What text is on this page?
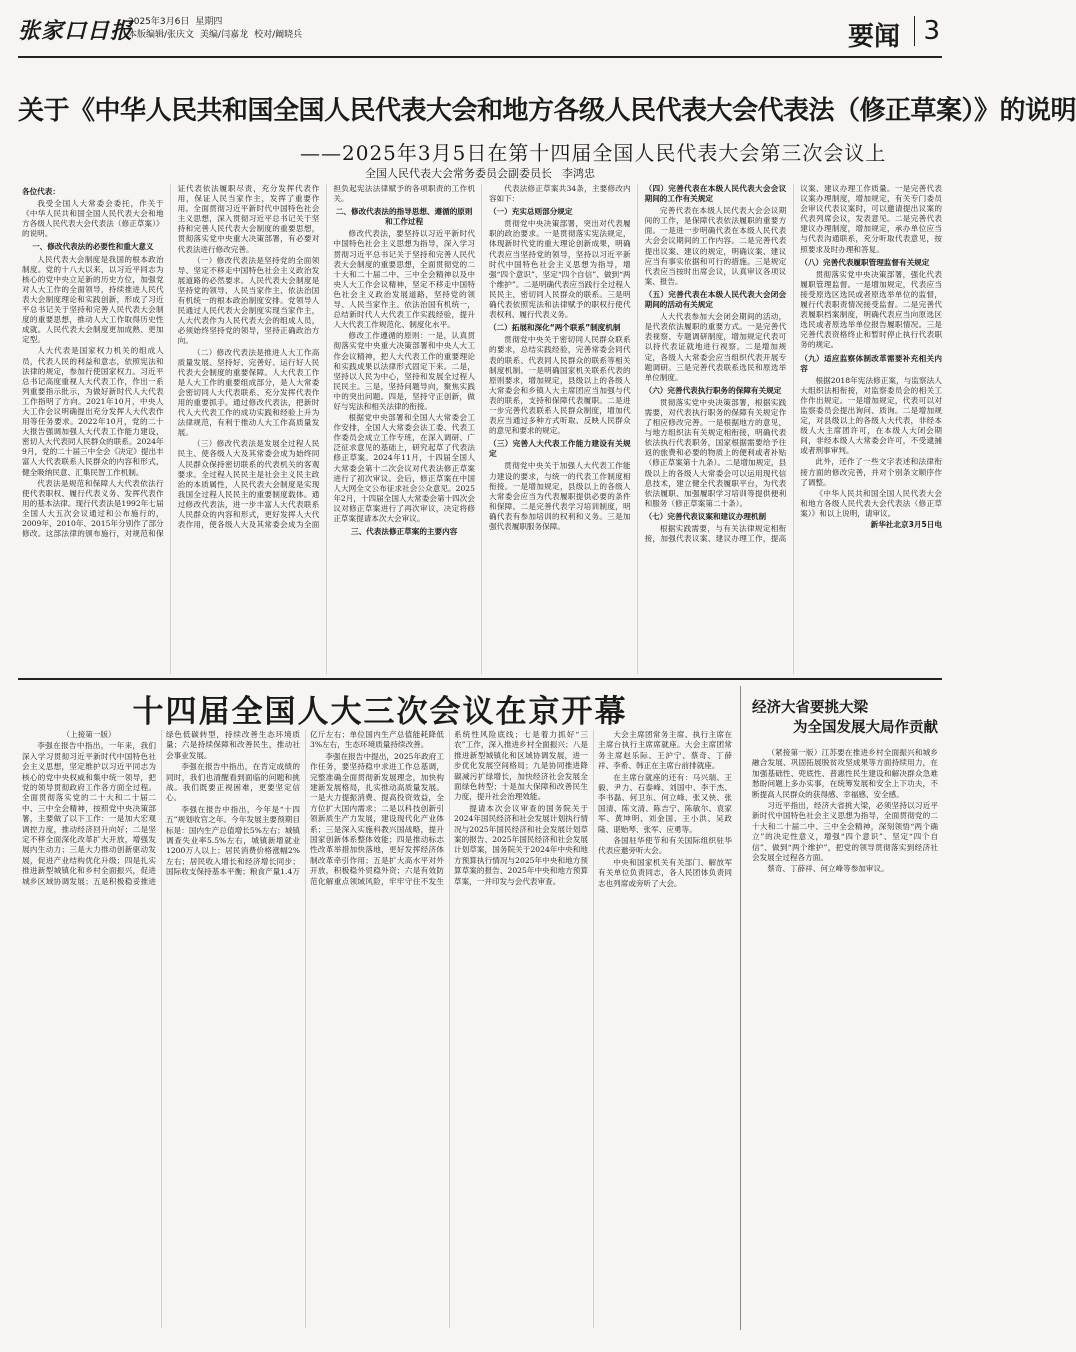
张家口日报
2025年3月6日 星期四
本版编辑/张庆文 美编/闫嘉龙 校对/阚晓兵	要闻 3
关于《中华人民共和国全国人民代表大会和地方各级人民代表大会代表法（修正草案）》的说明
——2025年3月5日在第十四届全国人民代表大会第三次会议上
全国人民代表大会常务委员会副委员长 李鸿忠

各位代表：

我受全国人大常委会委托，作关于《中华人民共和国全国人民代表大会和地方各级人民代表大会代表法（修正草案）》的说明。

一、修改代表法的必要性和重大意义

人民代表大会制度是我国的根本政治制度。党的十八大以来，以习近平同志为核心的党中央立足新的历史方位，加强党对人大工作的全面领导，持续推进人民代表大会制度理论和实践创新，形成了习近平总书记关于坚持和完善人民代表大会制度的重要思想，推动人大工作取得历史性成就。人民代表大会制度更加成熟、更加定型。

人大代表是国家权力机关的组成人员，代表人民的利益和意志，依照宪法和法律的规定，参加行使国家权力。习近平总书记高度重视人大代表工作，作出一系列重要指示批示，为做好新时代人大代表工作指明了方向。2021年10月，中央人大工作会议明确提出充分发挥人大代表作用等任务要求。2022年10月，党的二十大报告强调加强人大代表工作能力建设，密切人大代表同人民群众的联系。2024年9月，党的二十届三中全会《决定》提出丰富人大代表联系人民群众的内容和形式，健全吸纳民意、汇集民智工作机制。

代表法是规范和保障人大代表依法行使代表职权、履行代表义务、发挥代表作用的基本法律。现行代表法是1992年七届全国人大五次会议通过和公布施行的，2009年、2010年、2015年分别作了部分修改。这部法律的颁布施行，对规范和保证代表依法履职尽责，充分发挥代表作用，保证人民当家作主，发挥了重要作用。全面贯彻习近平新时代中国特色社会主义思想，深入贯彻习近平总书记关于坚持和完善人民代表大会制度的重要思想，贯彻落实党中央重大决策部署，有必要对代表法进行修改完善。

（一）修改代表法是坚持党的全面领导、坚定不移走中国特色社会主义政治发展道路的必然要求。人民代表大会制度是坚持党的领导、人民当家作主、依法治国有机统一的根本政治制度安排。党领导人民通过人民代表大会制度实现当家作主，人大代表作为人民代表大会的组成人员，必须始终坚持党的领导，坚持正确政治方向。

（二）修改代表法是推进人大工作高质量发展、坚持好、完善好、运行好人民代表大会制度的重要保障。人大代表工作是人大工作的重要组成部分，是人大常委会密切同人大代表联系、充分发挥代表作用的重要抓手。通过修改代表法，把新时代人大代表工作的成功实践和经验上升为法律规范，有利于推动人大工作高质量发展。

（三）修改代表法是发展全过程人民民主、使各级人大及其常委会成为始终同人民群众保持密切联系的代表机关的客观要求。全过程人民民主是社会主义民主政治的本质属性，人民代表大会制度是实现我国全过程人民民主的重要制度载体。通过修改代表法，进一步丰富人大代表联系人民群众的内容和形式，更好发挥人大代表作用，使各级人大及其常委会成为全面担负起宪法法律赋予的各项职责的工作机关。

二、修改代表法的指导思想、遵循的原则和工作过程

修改代表法，要坚持以习近平新时代中国特色社会主义思想为指导，深入学习贯彻习近平总书记关于坚持和完善人民代表大会制度的重要思想，全面贯彻党的二十大和二十届二中、三中全会精神以及中央人大工作会议精神，坚定不移走中国特色社会主义政治发展道路，坚持党的领导、人民当家作主、依法治国有机统一，总结新时代人大代表工作实践经验，提升人大代表工作规范化、制度化水平。

修改工作遵循的原则：一是，认真贯彻落实党中央重大决策部署和中央人大工作会议精神，把人大代表工作的重要理论和实践成果以法律形式固定下来。二是，坚持以人民为中心，坚持和发展全过程人民民主。三是，坚持问题导向，聚焦实践中的突出问题。四是，坚持守正创新，做好与宪法和相关法律的衔接。

根据党中央部署和全国人大常委会工作安排，全国人大常委会法工委、代表工作委员会成立工作专班，在深入调研、广泛征求意见的基础上，研究起草了代表法修正草案。2024年11月，十四届全国人大常委会第十二次会议对代表法修正草案进行了初次审议。会后，修正草案在中国人大网全文公布征求社会公众意见。2025年2月，十四届全国人大常委会第十四次会议对修正草案进行了再次审议，决定将修正草案提请本次大会审议。

三、代表法修正草案的主要内容

代表法修正草案共34条，主要修改内容如下：

（一）充实总则部分规定

贯彻党中央决策部署，突出对代表履职的政治要求。一是贯彻落实宪法规定，体现新时代党的重大理论创新成果，明确代表应当坚持党的领导，坚持以习近平新时代中国特色社会主义思想为指导，增强“四个意识”、坚定“四个自信”、做到“两个维护”。二是明确代表应当践行全过程人民民主，密切同人民群众的联系。三是明确代表依照宪法和法律赋予的职权行使代表权利、履行代表义务。

（二）拓展和深化“两个联系”制度机制

贯彻党中央关于密切同人民群众联系的要求，总结实践经验，完善常委会同代表的联系、代表同人民群众的联系等相关制度机制。一是明确国家机关联系代表的原则要求，增加规定，县级以上的各级人大常委会和乡镇人大主席团应当加强与代表的联系，支持和保障代表履职。二是进一步完善代表联系人民群众制度，增加代表应当通过多种方式听取、反映人民群众的意见和要求的规定。

（三）完善人大代表工作能力建设有关规定

贯彻党中央关于加强人大代表工作能力建设的要求，与统一的代表工作制度相衔接。一是增加规定，县级以上的各级人大常委会应当为代表履职提供必要的条件和保障。二是完善代表学习培训制度，明确代表有参加培训的权利和义务。三是加强代表履职服务保障。

（四）完善代表在本级人民代表大会会议期间的工作有关规定

完善代表在本级人民代表大会会议期间的工作，是保障代表依法履职的重要方面。一是进一步明确代表在本级人民代表大会会议期间的工作内容。二是完善代表提出议案、建议的规定，明确议案、建议应当有事实依据和可行的措施。三是规定代表应当按时出席会议，认真审议各项议案、报告。

（五）完善代表在本级人民代表大会闭会期间的活动有关规定

人大代表参加大会闭会期间的活动，是代表依法履职的重要方式。一是完善代表视察、专题调研制度，增加规定代表可以持代表证就地进行视察。二是增加规定，各级人大常委会应当组织代表开展专题调研。三是完善代表联系选民和原选举单位制度。

（六）完善代表执行职务的保障有关规定

贯彻落实党中央决策部署，根据实践需要，对代表执行职务的保障有关规定作了相应修改完善。一是根据地方的意见，与地方组织法有关规定相衔接，明确代表依法执行代表职务，国家根据需要给予往返的旅费和必要的物质上的便利或者补贴（修正草案第十九条）。二是增加规定，县级以上的各级人大常委会可以运用现代信息技术，建立健全代表履职平台，为代表依法履职、加强履职学习培训等提供便利和服务（修正草案第二十条）。

（七）完善代表议案和建议办理机制

根据实践需要，与有关法律规定相衔接，加强代表议案、建议办理工作，提高议案、建议办理工作质量。一是完善代表议案办理制度，增加规定，有关专门委员会审议代表议案时，可以邀请提出议案的代表列席会议，发表意见。二是完善代表建议办理制度，增加规定，承办单位应当与代表沟通联系，充分听取代表意见，按照要求及时办理和答复。

（八）完善代表履职管理监督有关规定

贯彻落实党中央决策部署，强化代表履职管理监督。一是增加规定，代表应当接受原选区选民或者原选举单位的监督，履行代表职责情况接受监督。二是完善代表履职档案制度，明确代表应当向原选区选民或者原选举单位报告履职情况。三是完善代表资格终止和暂时停止执行代表职务的规定。

（九）适应监察体制改革需要补充相关内容

根据2018年宪法修正案，与监察法人大组织法相衔接，对监察委员会的相关工作作出规定。一是增加规定，代表可以对监察委员会提出询问、质询。二是增加规定，对县级以上的各级人大代表，非经本级人大主席团许可，在本级人大闭会期间，非经本级人大常委会许可，不受逮捕或者刑事审判。

此外，还作了一些文字表述和法律衔接方面的修改完善，并对个别条文顺序作了调整。

《中华人民共和国全国人民代表大会和地方各级人民代表大会代表法（修正草案）》和以上说明，请审议。

新华社北京3月5日电

十四届全国人大三次会议在京开幕

（上接第一版）

李强在报告中指出，一年来，我们深入学习贯彻习近平新时代中国特色社会主义思想，坚定维护以习近平同志为核心的党中央权威和集中统一领导，把党的领导贯彻政府工作各方面全过程。全面贯彻落实党的二十大和二十届二中、三中全会精神，按照党中央决策部署，主要做了以下工作：一是加大宏观调控力度，推动经济回升向好；二是坚定不移全面深化改革扩大开放，增强发展内生动力；三是大力推动创新驱动发展，促进产业结构优化升级；四是扎实推进新型城镇化和乡村全面振兴，促进城乡区域协调发展；五是积极稳妥推进绿色低碳转型，持续改善生态环境质量；六是持续保障和改善民生，推动社会事业发展。

李强在报告中指出，在肯定成绩的同时，我们也清醒看到面临的问题和挑战。我们既要正视困难，更要坚定信心。

李强在报告中指出，今年是“十四五”规划收官之年。今年发展主要预期目标是：国内生产总值增长5%左右；城镇调查失业率5.5%左右，城镇新增就业1200万人以上；居民消费价格涨幅2%左右；居民收入增长和经济增长同步；国际收支保持基本平衡；粮食产量1.4万亿斤左右；单位国内生产总值能耗降低3%左右，生态环境质量持续改善。

李强在报告中提出，2025年政府工作任务，要坚持稳中求进工作总基调，完整准确全面贯彻新发展理念，加快构建新发展格局，扎实推动高质量发展。一是大力提振消费、提高投资效益，全方位扩大国内需求；二是以科技创新引领新质生产力发展，建设现代化产业体系；三是深入实施科教兴国战略，提升国家创新体系整体效能；四是推动标志性改革举措加快落地，更好发挥经济体制改革牵引作用；五是扩大高水平对外开放，积极稳外贸稳外资；六是有效防范化解重点领域风险，牢牢守住不发生系统性风险底线；七是着力抓好“三农”工作，深入推进乡村全面振兴；八是推进新型城镇化和区域协调发展，进一步优化发展空间格局；九是协同推进降碳减污扩绿增长，加快经济社会发展全面绿色转型；十是加大保障和改善民生力度，提升社会治理效能。

提请本次会议审查的国务院关于2024年国民经济和社会发展计划执行情况与2025年国民经济和社会发展计划草案的报告、2025年国民经济和社会发展计划草案，国务院关于2024年中央和地方预算执行情况与2025年中央和地方预算草案的报告、2025年中央和地方预算草案，一并印发与会代表审查。

大会主席团常务主席、执行主席在主席台执行主席席就座。大会主席团常务主席赵乐际、王沪宁、蔡奇、丁薛祥、李希、韩正在主席台前排就座。

在主席台就座的还有：马兴瑞、王毅、尹力、石泰峰、刘国中、李干杰、李书磊、何卫东、何立峰、张又侠、张国清、陈文清、陈吉宁、陈敏尔、袁家军、黄坤明、刘金国、王小洪、吴政隆、谌贻琴、张军、应勇等。

各国驻华使节和有关国际组织驻华代表应邀旁听大会。

中央和国家机关有关部门、解放军有关单位负责同志，各人民团体负责同志也列席或旁听了大会。

经济大省要挑大梁
为全国发展大局作贡献

（紧接第一版）江苏要在推进乡村全面振兴和城乡融合发展、巩固拓展脱贫攻坚成果等方面持续用力，在加强基础性、兜底性、普惠性民生建设和解决群众急难愁盼问题上多办实事，在统筹发展和安全上下功夫，不断提高人民群众的获得感、幸福感、安全感。

习近平指出，经济大省挑大梁，必须坚持以习近平新时代中国特色社会主义思想为指导，全面贯彻党的二十大和二十届二中、三中全会精神，深刻领悟“两个确立”的决定性意义，增强“四个意识”、坚定“四个自信”、做到“两个维护”，把党的领导贯彻落实到经济社会发展全过程各方面。

蔡奇、丁薛祥、何立峰等参加审议。
